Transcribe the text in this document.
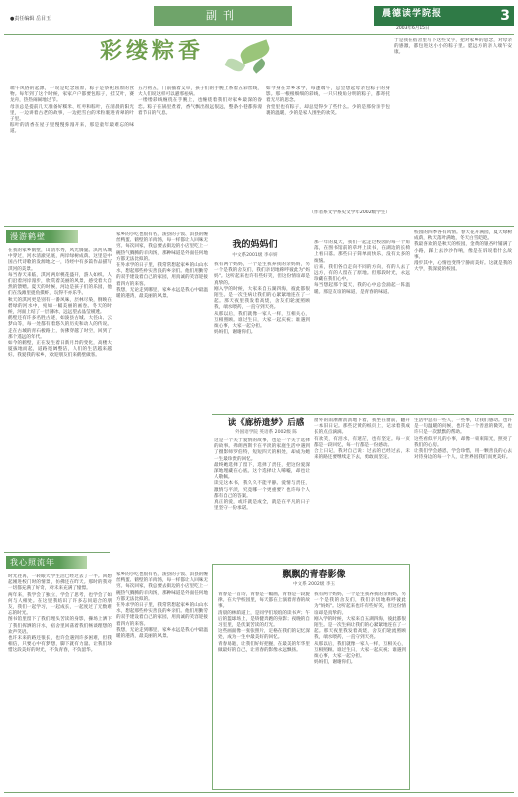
●责任编辑 岳目玉	副刊	晨德读学院报	3
2003年6月15日
彩缕粽香
端午风俗的起源，一说是纪念屈原，粽子是祭祀屈原的食物。每年到了这个时候，家家户户都要包粽子，挂艾叶，赛龙舟，热热闹闹地过节。
母亲总是提前几天准备好糯米、红枣和粽叶，在清晨的阳光里，一边讲着古老的故事，一边把雪白的米粒裹进青翠的叶子里。
粽叶的清香在屋子里慢慢弥漫开来，那是童年最难忘的味道。
五月初五，门前插着艾草，孩子们的手腕上系着五彩丝线，大人们说这样可以避邪祛病。
一缕缕彩线缠绕在手腕上，也缠绕着我们对家乡最深的眷恋。粽子在锅里煮着，香气飘出很远很远，整条小巷都弥漫着节日的气息。
如今身在异乡求学，每逢端午，总会想起母亲包粽子的身影。那一根根细细的彩线，一只只棱角分明的粽子，都寄托着无尽的思念。
食堂里也有粽子，却总觉得少了些什么。少的是那份亲手包裹的温暖，少的是家人围坐的欢笑。
于是我在宿舍里写下这些文字，把对家乡的思念，对母亲的感激，都包进这小小的粽子里。愿远方的亲人端午安康。
（作者系文学系史文学年2002级学生）
漫游鹤壁
在我的家乡鹤壁，山清水秀，风光旖旎。淇河从城中穿过，河水清澈见底，两岸绿树成荫。这里是中国古代诗歌的发源地之一，诗经中有多篇作品描写淇河的美景。
每当春天来临，淇河两岸桃花盛开，游人如织。人们沿着河岸漫步，欣赏着美丽的风景，感受着大自然的馈赠。夏天的时候，河边是孩子们的乐园，他们在浅滩里捉鱼摸虾，玩得不亦乐乎。
秋天的淇河更是别有一番风味，层林尽染，倒映在碧绿的河水中，宛如一幅美丽的画卷。冬天的时候，河面上结了一层薄冰，远远望去晶莹剔透。
鹤壁还有许多名胜古迹，如浚县古城、大伾山、云梦山等，每一处都有着悠久的历史和动人的传说。走在古城的青石板路上，仿佛穿越了时空，回到了那个遥远的年代。
如今的鹤壁，正在发生着日新月异的变化，高楼大厦拔地而起，道路宽阔整洁，人们的生活越来越好。我爱我的家乡，欢迎朋友们来鹤壁做客。
家乡的小吃也很有名，浚县的子馍、淇县的缠丝鸭蛋、鹤壁的羊肉汤，每一样都让人回味无穷。每次回家，我总要去街边的小店里吃上一碗热气腾腾的羊肉汤，那种味道是外面任何地方都无法比拟的。
在外求学的日子里，我常常想起家乡的山山水水，想起那些朴实善良的乡亲们。他们用勤劳的双手建设着自己的家园，用真诚的笑容迎接着四方的来客。
我想，无论走到哪里，家乡永远是我心中最温暖的港湾，最美丽的风景。
我心照流年
时光荏苒，一转眼大学生活已经过去了一半。回想起刚进校门时的情景，仿佛还在昨天。那时的我对一切都充满了好奇，对未来充满了憧憬。
两年来，我学会了独立，学会了思考，也学会了如何与人相处。在这里我结识了许多志同道合的朋友，我们一起学习，一起成长，一起度过了无数难忘的时光。
图书馆里留下了我们埋头苦读的身影，操场上洒下了我们挥洒的汗水，宿舍里回荡着我们畅谈理想的欢声笑语。
也许未来的路还很长，也许会遇到许多困难，但我相信，只要心中有梦想，脚下就有力量。让我们珍惜这段美好的时光，不负青春，不负韶华。
家乡的小吃也很有名，浚县的子馍、淇县的缠丝鸭蛋、鹤壁的羊肉汤，每一样都让人回味无穷。每次回家，我总要去街边的小店里吃上一碗热气腾腾的羊肉汤，那种味道是外面任何地方都无法比拟的。
在外求学的日子里，我常常想起家乡的山山水水，想起那些朴实善良的乡亲们。他们用勤劳的双手建设着自己的家园，用真诚的笑容迎接着四方的来客。
我想，无论走到哪里，家乡永远是我心中最温暖的港湾，最美丽的风景。
我的妈妈们
中文系2001级 李卓妍
我有两个妈妈，一个是生我养我的亲妈妈，另一个是我的舍友们，我们亲切地称呼彼此为"妈妈"。这听起来也许有些好笑，但这份情谊却是真挚的。
刚入学的时候，大家来自五湖四海，彼此都很陌生。是一次生病让我们的心紧紧地连在了一起。那天夜里我发着高烧，舍友们轮流照顾我，端水喂药，一直守到天亮。
从那以后，我们就像一家人一样，互相关心，互相照顾。谁过生日，大家一起庆祝；谁遇到烦心事，大家一起分担。
妈妈们，谢谢你们。
那一年的夏天，我们一起走过校园的每一个角落，在图书馆前的草坪上读书，在湖边的长椅上看日落。那些日子简单而快乐，没有太多的烦恼。
后来，我们各自走向不同的方向，有的人去了远方，有的人留在了原地。但那段时光，永远珍藏在我们心中。
每当想起那个夏天，我的心中总会涌起一阵温暖。那是友谊的味道，是青春的味道。
校园的四季各有风情。春天花开满园，夏天绿树成荫，秋天落叶满地，冬天白雪皑皑。
我最喜欢的是秋天的校园，金黄的银杏叶铺满了小路，踩上去沙沙作响，像是在诉说着什么故事。
漫步其中，心情也变得宁静而美好。这就是我的大学，我深爱的校园。
读《廊桥遗梦》后感
外国语学院 英语系 2002级 陈
这是一个关于爱情的故事，也是一个关于选择的故事。弗朗西斯卡在平淡的家庭生活中遇到了摄影师罗伯特，短短四天的相处，却成为她一生最珍贵的回忆。
最终她选择了留下，选择了责任，把这份爱深深地埋藏在心底。这个选择让人唏嘘，却也让人敬佩。
读完这本书，我久久不能平静。爱情与责任，激情与平淡，究竟哪一个更重要？也许每个人都有自己的答案。
真正的爱，或许就是成全，就是在平凡的日子里坚守一份承诺。
窗外的雨淅淅沥沥地下着，我坐在窗前，翻开一本旧日记。那些泛黄的纸页上，记录着我成长的点点滴滴。
有欢笑，有泪水，有迷茫，也有坚定。每一页都是一段回忆，每一行都是一份感动。
合上日记，我对自己说：过去的已经过去，未来的路还要继续走下去，勇敢而坚定。
生活中总有一些人，一些事，让我们感动。也许是一句温暖的问候，也许是一个善意的微笑，也许只是一次默默的帮助。
这些看似平凡的小事，却像一束束阳光，照亮了我们的心房。
让我们学会感恩，学会珍惜，用一颗善良的心去对待身边的每一个人，让世界因我们而更美好。
飘飘的青春影像
中文系 2002级 李玉
青春是一首诗，青春是一幅画，青春是一段旋律。在大学校园里，每天都在上演着青春的故事。
清晨的林荫道上，是同学们琅琅的读书声；午后的篮球场上，是矫健奔跑的身影；夜晚的自习室里，是伏案苦读的灯光。
这些画面像一张张照片，定格在我们的记忆深处，成为一生中最美好的回忆。
青春易逝，让我们好好把握，在最美的年华里做最好的自己，让青春的影像永远飘扬。
我有两个妈妈，一个是生我养我的亲妈妈，另一个是我的舍友们，我们亲切地称呼彼此为"妈妈"。这听起来也许有些好笑，但这份情谊却是真挚的。
刚入学的时候，大家来自五湖四海，彼此都很陌生。是一次生病让我们的心紧紧地连在了一起。那天夜里我发着高烧，舍友们轮流照顾我，端水喂药，一直守到天亮。
从那以后，我们就像一家人一样，互相关心，互相照顾。谁过生日，大家一起庆祝；谁遇到烦心事，大家一起分担。
妈妈们，谢谢你们。
